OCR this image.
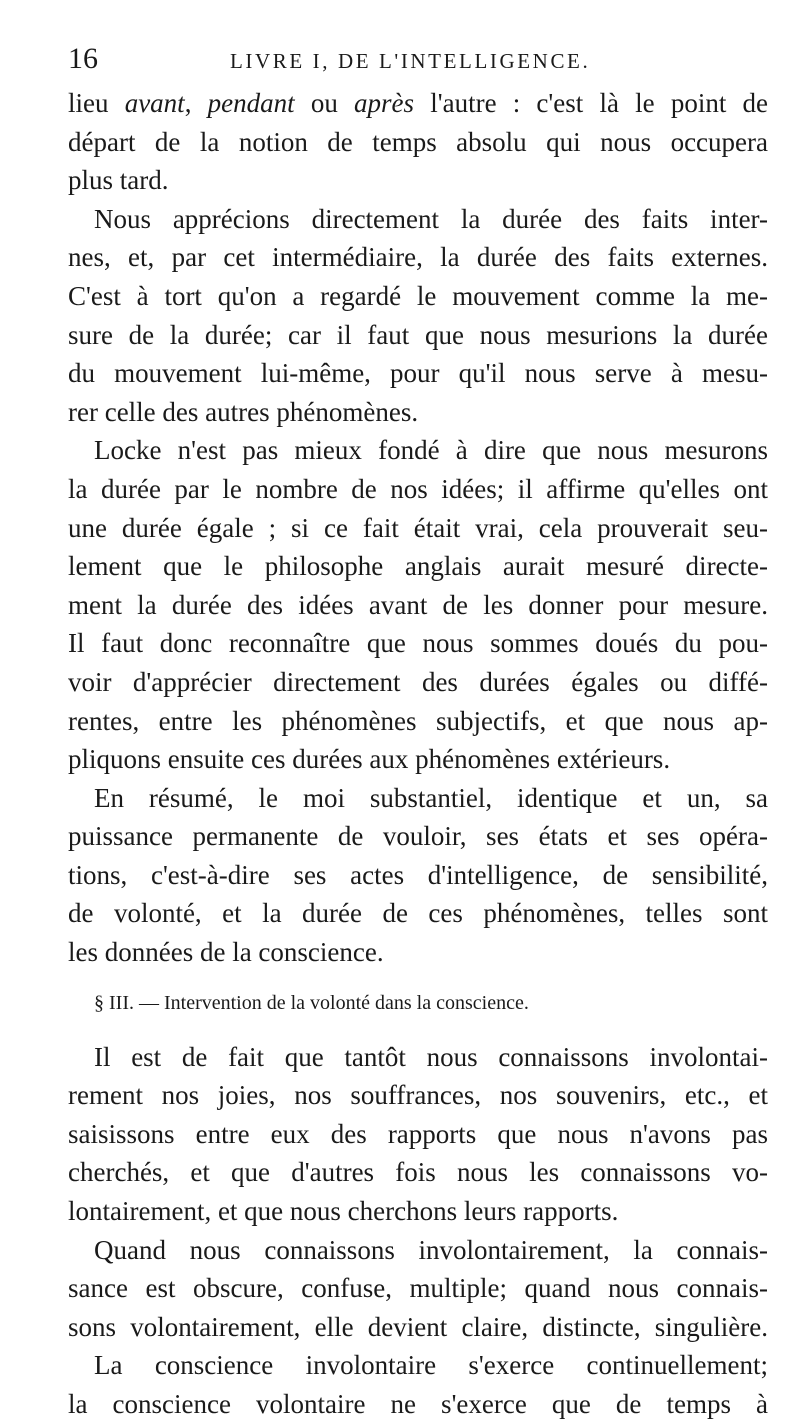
16	LIVRE I, DE L'INTELLIGENCE.
lieu avant, pendant ou après l'autre : c'est là le point de
départ de la notion de temps absolu qui nous occupera
plus tard.
Nous apprécions directement la durée des faits inter-
nes, et, par cet intermédiaire, la durée des faits externes.
C'est à tort qu'on a regardé le mouvement comme la me-
sure de la durée; car il faut que nous mesurions la durée
du mouvement lui-même, pour qu'il nous serve à mesu-
rer celle des autres phénomènes.
Locke n'est pas mieux fondé à dire que nous mesurons
la durée par le nombre de nos idées; il affirme qu'elles ont
une durée égale ; si ce fait était vrai, cela prouverait seu-
lement que le philosophe anglais aurait mesuré directe-
ment la durée des idées avant de les donner pour mesure.
Il faut donc reconnaître que nous sommes doués du pou-
voir d'apprécier directement des durées égales ou diffé-
rentes, entre les phénomènes subjectifs, et que nous ap-
pliquons ensuite ces durées aux phénomènes extérieurs.
En résumé, le moi substantiel, identique et un, sa
puissance permanente de vouloir, ses états et ses opéra-
tions, c'est-à-dire ses actes d'intelligence, de sensibilité,
de volonté, et la durée de ces phénomènes, telles sont
les données de la conscience.
§ III. — Intervention de la volonté dans la conscience.
Il est de fait que tantôt nous connaissons involontai-
rement nos joies, nos souffrances, nos souvenirs, etc., et
saisissons entre eux des rapports que nous n'avons pas
cherchés, et que d'autres fois nous les connaissons vo-
lontairement, et que nous cherchons leurs rapports.
Quand nous connaissons involontairement, la connais-
sance est obscure, confuse, multiple; quand nous connais-
sons volontairement, elle devient claire, distincte, singulière.
La conscience involontaire s'exerce continuellement;
la conscience volontaire ne s'exerce que de temps à
